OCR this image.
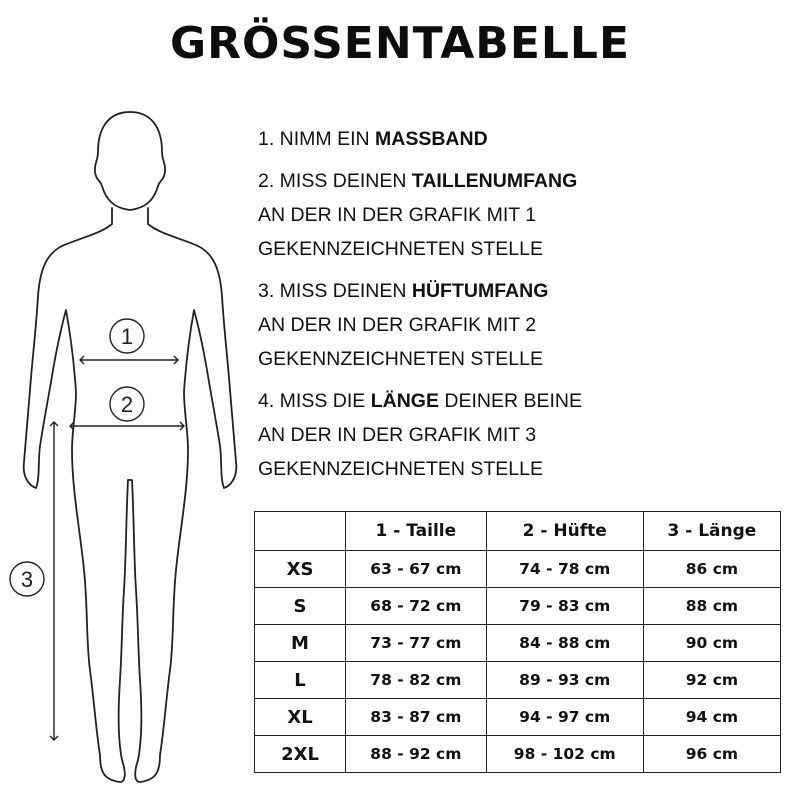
GRÖSSENTABELLE
1
2
3
1. NIMM EIN MASSBAND
2. MISS DEINEN TAILLENUMFANG
AN DER IN DER GRAFIK MIT 1
GEKENNZEICHNETEN STELLE
3. MISS DEINEN HÜFTUMFANG
AN DER IN DER GRAFIK MIT 2
GEKENNZEICHNETEN STELLE
4. MISS DIE LÄNGE DEINER BEINE
AN DER IN DER GRAFIK MIT 3
GEKENNZEICHNETEN STELLE
	1 - Taille	2 - Hüfte	3 - Länge
XS	63 - 67 cm	74 - 78 cm	86 cm
S	68 - 72 cm	79 - 83 cm	88 cm
M	73 - 77 cm	84 - 88 cm	90 cm
L	78 - 82 cm	89 - 93 cm	92 cm
XL	83 - 87 cm	94 - 97 cm	94 cm
2XL	88 - 92 cm	98 - 102 cm	96 cm
